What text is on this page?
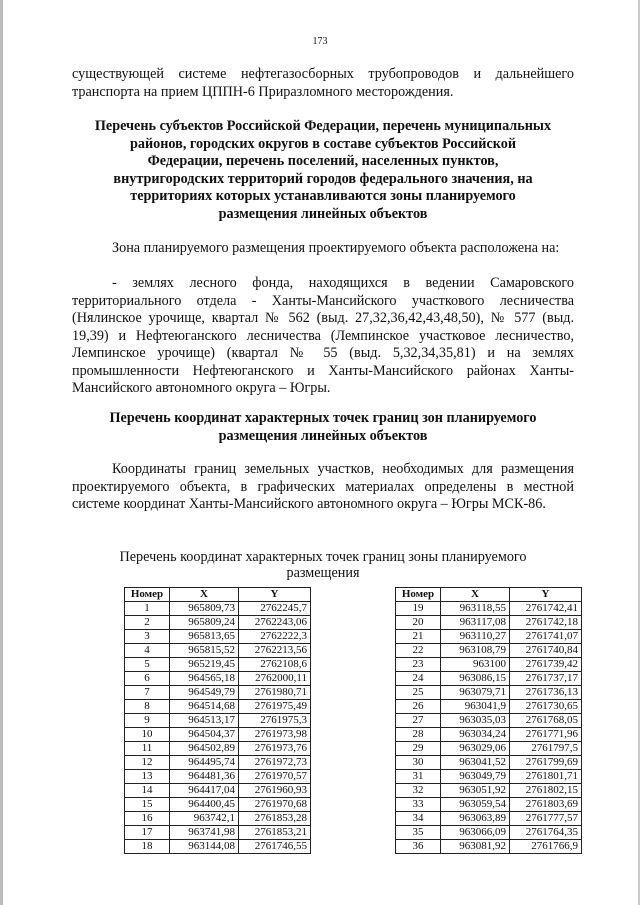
173
существующей системе нефтегазосборных трубопроводов и дальнейшего транспорта на прием ЦППН-6 Приразломного месторождения.
Перечень субъектов Российской Федерации, перечень муниципальных районов, городских округов в составе субъектов Российской Федерации, перечень поселений, населенных пунктов, внутригородских территорий городов федерального значения, на территориях которых устанавливаются зоны планируемого размещения линейных объектов
Зона планируемого размещения проектируемого объекта расположена на:
- землях лесного фонда, находящихся в ведении Самаровского территориального отдела - Ханты-Мансийского участкового лесничества (Нялинское урочище, квартал № 562 (выд. 27,32,36,42,43,48,50), № 577 (выд. 19,39) и Нефтеюганского лесничества (Лемпинское участковое лесничество, Лемпинское урочище) (квартал № 55 (выд. 5,32,34,35,81) и на землях промышленности Нефтеюганского и Ханты-Мансийского районах Ханты-Мансийского автономного округа – Югры.
Перечень координат характерных точек границ зон планируемого размещения линейных объектов
Координаты границ земельных участков, необходимых для размещения проектируемого объекта, в графических материалах определены в местной системе координат Ханты-Мансийского автономного округа – Югры МСК-86.
Перечень координат характерных точек границ зоны планируемого размещения
Номер	X	Y
1	965809,73	2762245,7
2	965809,24	2762243,06
3	965813,65	2762222,3
4	965815,52	2762213,56
5	965219,45	2762108,6
6	964565,18	2762000,11
7	964549,79	2761980,71
8	964514,68	2761975,49
9	964513,17	2761975,3
10	964504,37	2761973,98
11	964502,89	2761973,76
12	964495,74	2761972,73
13	964481,36	2761970,57
14	964417,04	2761960,93
15	964400,45	2761970,68
16	963742,1	2761853,28
17	963741,98	2761853,21
18	963144,08	2761746,55
Номер	X	Y
19	963118,55	2761742,41
20	963117,08	2761742,18
21	963110,27	2761741,07
22	963108,79	2761740,84
23	963100	2761739,42
24	963086,15	2761737,17
25	963079,71	2761736,13
26	963041,9	2761730,65
27	963035,03	2761768,05
28	963034,24	2761771,96
29	963029,06	2761797,5
30	963041,52	2761799,69
31	963049,79	2761801,71
32	963051,92	2761802,15
33	963059,54	2761803,69
34	963063,89	2761777,57
35	963066,09	2761764,35
36	963081,92	2761766,9
